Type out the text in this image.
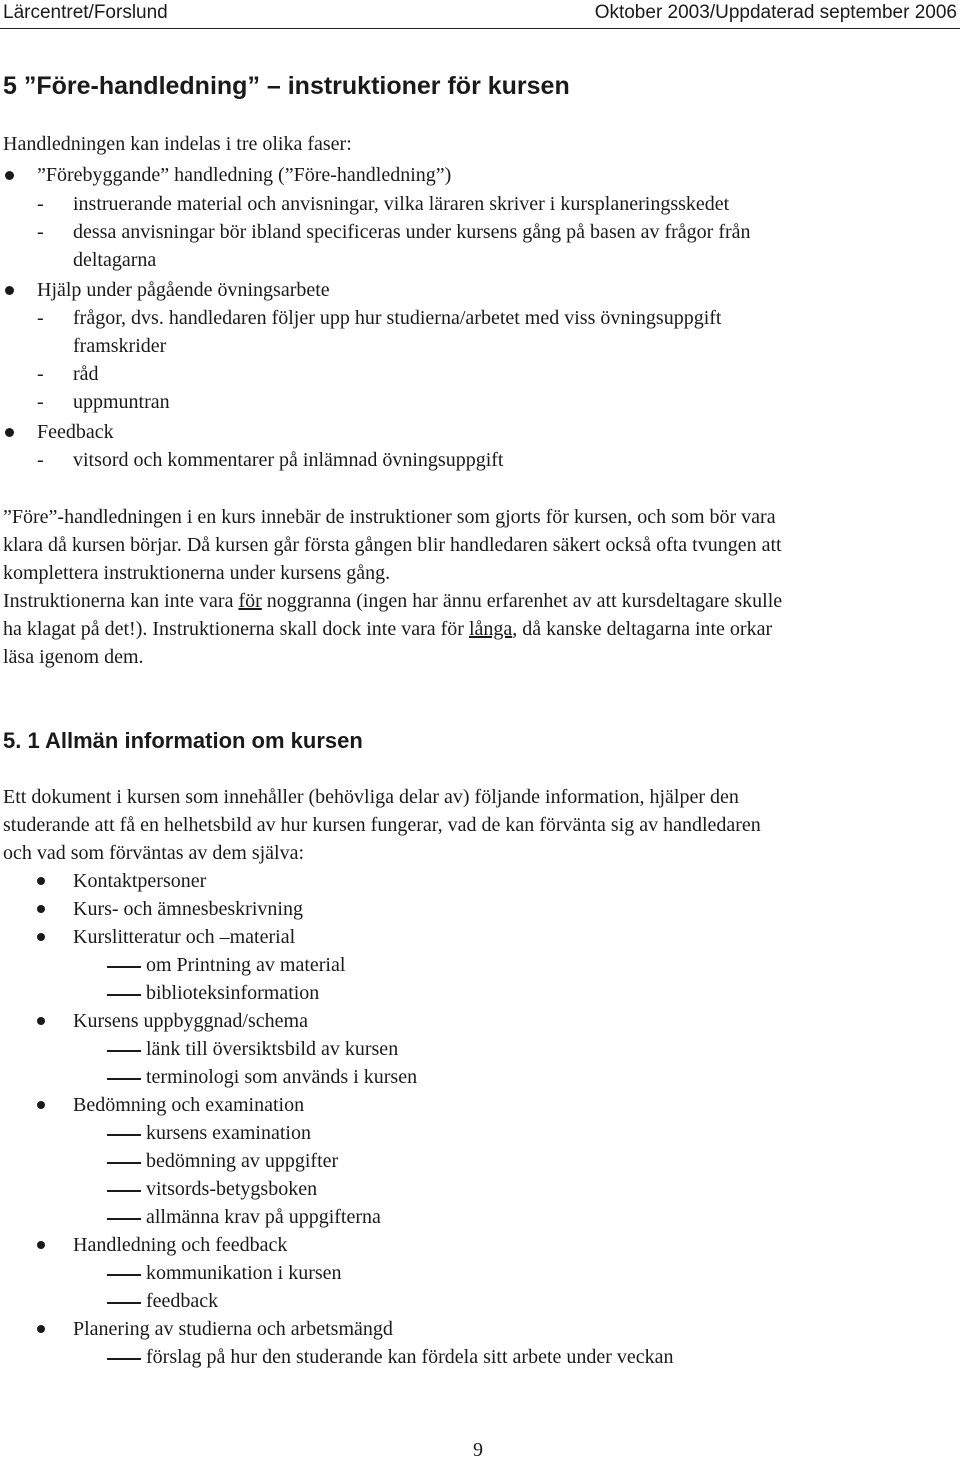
Lärcentret/Forslund	Oktober 2003/Uppdaterad september 2006
5 ”Före-handledning” – instruktioner för kursen
Handledningen kan indelas i tre olika faser:
”Förebyggande” handledning (”Före-handledning”)
- instruerande material och anvisningar, vilka läraren skriver i kursplaneringsskedet
- dessa anvisningar bör ibland specificeras under kursens gång på basen av frågor från
deltagarna
Hjälp under pågående övningsarbete
- frågor, dvs. handledaren följer upp hur studierna/arbetet med viss övningsuppgift
framskrider
- råd
- uppmuntran
Feedback
- vitsord och kommentarer på inlämnad övningsuppgift
”Före”-handledningen i en kurs innebär de instruktioner som gjorts för kursen, och som bör vara
klara då kursen börjar. Då kursen går första gången blir handledaren säkert också ofta tvungen att
komplettera instruktionerna under kursens gång.
Instruktionerna kan inte vara för noggranna (ingen har ännu erfarenhet av att kursdeltagare skulle
ha klagat på det!). Instruktionerna skall dock inte vara för långa, då kanske deltagarna inte orkar
läsa igenom dem.
5. 1 Allmän information om kursen
Ett dokument i kursen som innehåller (behövliga delar av) följande information, hjälper den
studerande att få en helhetsbild av hur kursen fungerar, vad de kan förvänta sig av handledaren
och vad som förväntas av dem själva:
Kontaktpersoner
Kurs- och ämnesbeskrivning
Kurslitteratur och –material
om Printning av material
biblioteksinformation
Kursens uppbyggnad/schema
länk till översiktsbild av kursen
terminologi som används i kursen
Bedömning och examination
kursens examination
bedömning av uppgifter
vitsords-betygsboken
allmänna krav på uppgifterna
Handledning och feedback
kommunikation i kursen
feedback
Planering av studierna och arbetsmängd
förslag på hur den studerande kan fördela sitt arbete under veckan
9
